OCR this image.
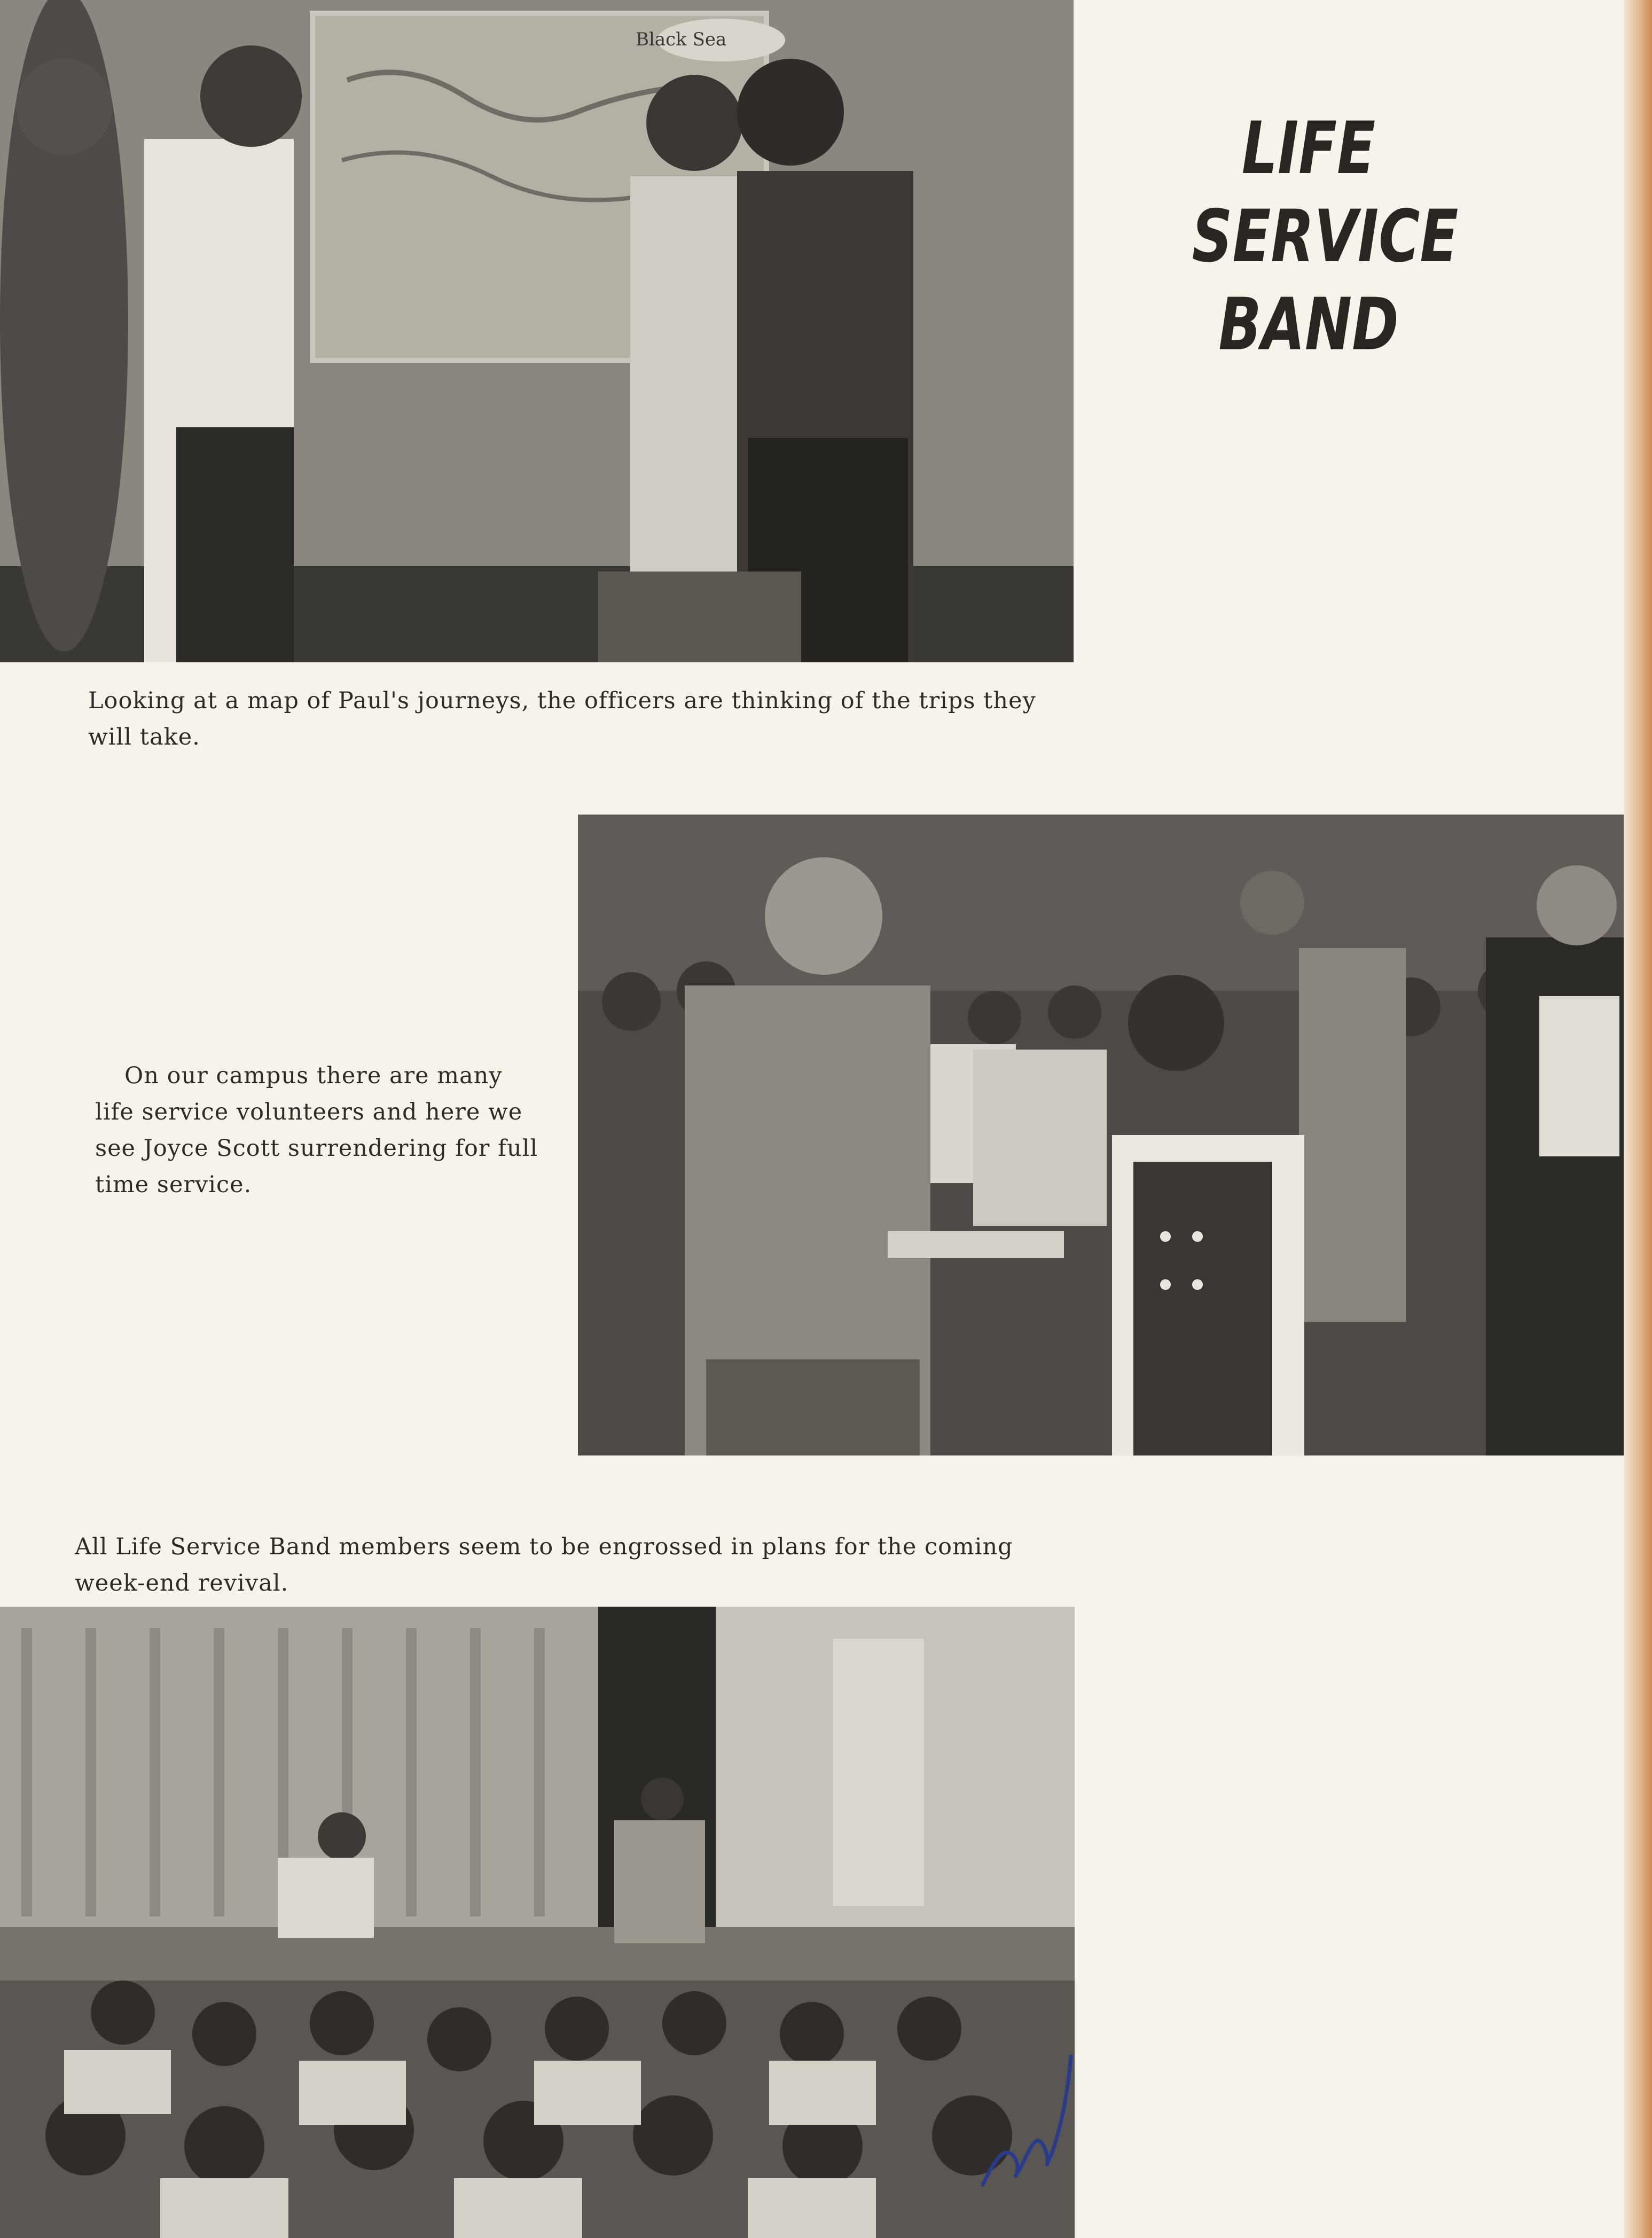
Black Sea
Looking at a map of Paul's journeys, the officers are thinking of the trips they will take.
LIFE
SERVICE
BAND
On our campus there are many life service volunteers and here we see Joyce Scott surrendering for full time service.
All Life Service Band members seem to be engrossed in plans for the coming week-end revival.
